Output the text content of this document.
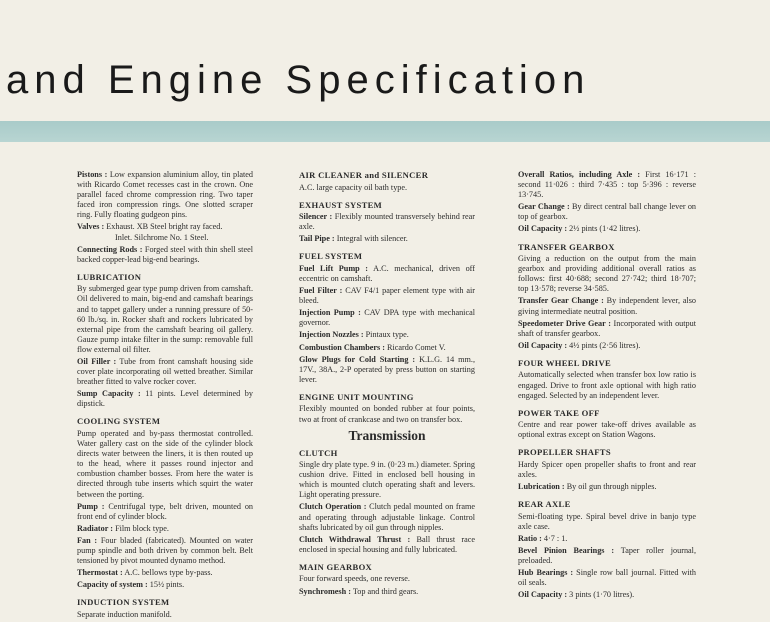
and Engine Specification

Pistons : Low expansion aluminium alloy, tin plated with Ricardo Comet recesses cast in the crown. One parallel faced chrome compression ring. Two taper faced iron compression rings. One slotted scraper ring. Fully floating gudgeon pins.

Valves : Exhaust. XB Steel bright ray faced.
Inlet. Silchrome No. 1 Steel.

Connecting Rods : Forged steel with thin shell steel backed copper-lead big-end bearings.

LUBRICATION

By submerged gear type pump driven from camshaft. Oil delivered to main, big-end and camshaft bearings and to tappet gallery under a running pressure of 50-60 lb./sq. in. Rocker shaft and rockers lubricated by external pipe from the camshaft bearing oil gallery. Gauze pump intake filter in the sump: removable full flow external oil filter.

Oil Filler : Tube from front camshaft housing side cover plate incorporating oil wetted breather. Similar breather fitted to valve rocker cover.

Sump Capacity : 11 pints. Level determined by dipstick.

COOLING SYSTEM

Pump operated and by-pass thermostat controlled. Water gallery cast on the side of the cylinder block directs water between the liners, it is then routed up to the head, where it passes round injector and combustion chamber bosses. From here the water is directed through tube inserts which squirt the water between the porting.

Pump : Centrifugal type, belt driven, mounted on front end of cylinder block.

Radiator : Film block type.

Fan : Four bladed (fabricated). Mounted on water pump spindle and both driven by common belt. Belt tensioned by pivot mounted dynamo method.

Thermostat : A.C. bellows type by-pass.

Capacity of system : 15½ pints.

INDUCTION SYSTEM

Separate induction manifold.

AIR CLEANER and SILENCER

A.C. large capacity oil bath type.

EXHAUST SYSTEM

Silencer : Flexibly mounted transversely behind rear axle.

Tail Pipe : Integral with silencer.

FUEL SYSTEM

Fuel Lift Pump : A.C. mechanical, driven off eccentric on camshaft.

Fuel Filter : CAV F4/1 paper element type with air bleed.

Injection Pump : CAV DPA type with mechanical governor.

Injection Nozzles : Pintaux type.

Combustion Chambers : Ricardo Comet V.

Glow Plugs for Cold Starting : K.L.G. 14 mm., 17V., 38A., 2-P operated by press button on starting lever.

ENGINE UNIT MOUNTING

Flexibly mounted on bonded rubber at four points, two at front of crankcase and two on transfer box.

Transmission
CLUTCH

Single dry plate type. 9 in. (0·23 m.) diameter. Spring cushion drive. Fitted in enclosed bell housing in which is mounted clutch operating shaft and levers. Light operating pressure.

Clutch Operation : Clutch pedal mounted on frame and operating through adjustable linkage. Control shafts lubricated by oil gun through nipples.

Clutch Withdrawal Thrust : Ball thrust race enclosed in special housing and fully lubricated.

MAIN GEARBOX

Four forward speeds, one reverse.

Synchromesh : Top and third gears.

Overall Ratios, including Axle : First 16·171 : second 11·026 : third 7·435 : top 5·396 : reverse 13·745.

Gear Change : By direct central ball change lever on top of gearbox.

Oil Capacity : 2½ pints (1·42 litres).

TRANSFER GEARBOX

Giving a reduction on the output from the main gearbox and providing additional overall ratios as follows: first 40·688; second 27·742; third 18·707; top 13·578; reverse 34·585.

Transfer Gear Change : By independent lever, also giving intermediate neutral position.

Speedometer Drive Gear : Incorporated with output shaft of transfer gearbox.

Oil Capacity : 4½ pints (2·56 litres).

FOUR WHEEL DRIVE

Automatically selected when transfer box low ratio is engaged. Drive to front axle optional with high ratio engaged. Selected by an independent lever.

POWER TAKE OFF

Centre and rear power take-off drives available as optional extras except on Station Wagons.

PROPELLER SHAFTS

Hardy Spicer open propeller shafts to front and rear axles.

Lubrication : By oil gun through nipples.

REAR AXLE

Semi-floating type. Spiral bevel drive in banjo type axle case.

Ratio : 4·7 : 1.

Bevel Pinion Bearings : Taper roller journal, preloaded.

Hub Bearings : Single row ball journal. Fitted with oil seals.

Oil Capacity : 3 pints (1·70 litres).
